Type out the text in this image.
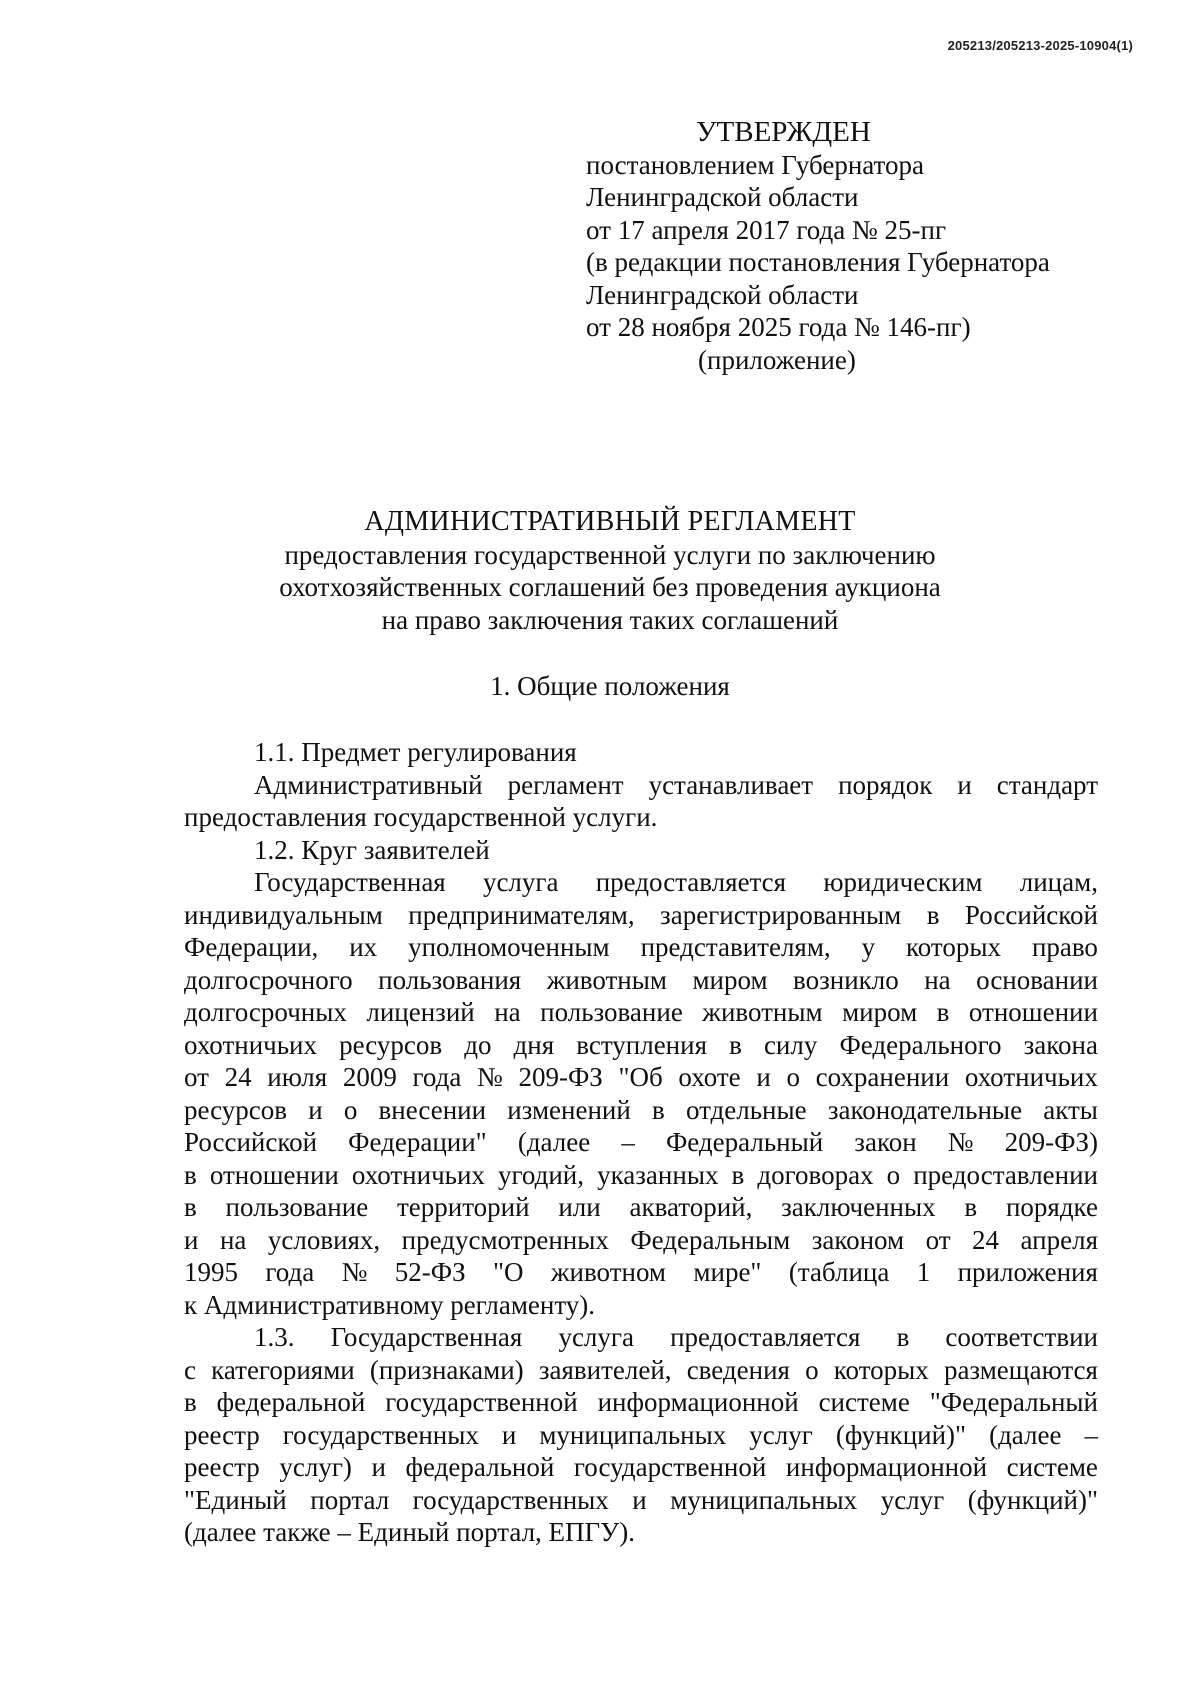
205213/205213-2025-10904(1)
УТВЕРЖДЕН
постановлением Губернатора
Ленинградской области
от 17 апреля 2017 года № 25-пг
(в редакции постановления Губернатора
Ленинградской области
от 28 ноября 2025 года № 146-пг)
(приложение)
АДМИНИСТРАТИВНЫЙ РЕГЛАМЕНТ
предоставления государственной услуги по заключению
охотхозяйственных соглашений без проведения аукциона
на право заключения таких соглашений
1. Общие положения
1.1. Предмет регулирования
Административный регламент устанавливает порядок и стандарт
предоставления государственной услуги.
1.2. Круг заявителей
Государственная услуга предоставляется юридическим лицам,
индивидуальным предпринимателям, зарегистрированным в Российской
Федерации, их уполномоченным представителям, у которых право
долгосрочного пользования животным миром возникло на основании
долгосрочных лицензий на пользование животным миром в отношении
охотничьих ресурсов до дня вступления в силу Федерального закона
от 24 июля 2009 года № 209-ФЗ "Об охоте и о сохранении охотничьих
ресурсов и о внесении изменений в отдельные законодательные акты
Российской Федерации" (далее – Федеральный закон № 209-ФЗ)
в отношении охотничьих угодий, указанных в договорах о предоставлении
в пользование территорий или акваторий, заключенных в порядке
и на условиях, предусмотренных Федеральным законом от 24 апреля
1995 года № 52-ФЗ "О животном мире" (таблица 1 приложения
к Административному регламенту).
1.3. Государственная услуга предоставляется в соответствии
с категориями (признаками) заявителей, сведения о которых размещаются
в федеральной государственной информационной системе "Федеральный
реестр государственных и муниципальных услуг (функций)" (далее –
реестр услуг) и федеральной государственной информационной системе
"Единый портал государственных и муниципальных услуг (функций)"
(далее также – Единый портал, ЕПГУ).
